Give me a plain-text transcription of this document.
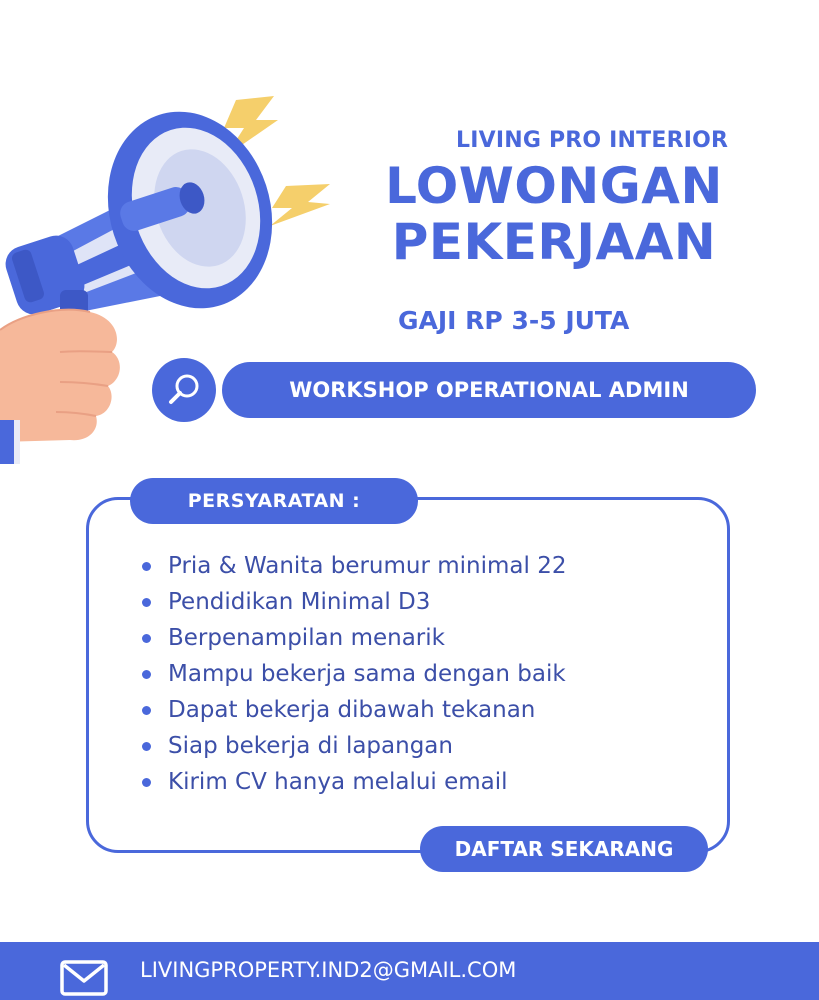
LIVING PRO INTERIOR
LOWONGAN
PEKERJAAN
GAJI RP 3-5 JUTA
WORKSHOP OPERATIONAL ADMIN
PERSYARATAN :
Pria & Wanita berumur minimal 22
Pendidikan Minimal D3
Berpenampilan menarik
Mampu bekerja sama dengan baik
Dapat bekerja dibawah tekanan
Siap bekerja di lapangan
Kirim CV hanya melalui email
DAFTAR SEKARANG
LIVINGPROPERTY.IND2@GMAIL.COM
